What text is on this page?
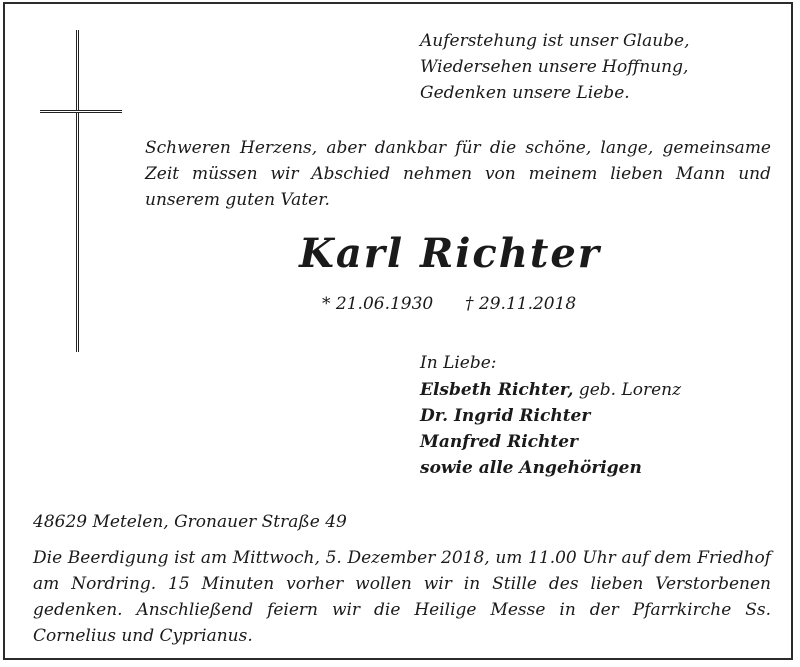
Auferstehung ist unser Glaube,
Wiedersehen unsere Hoffnung,
Gedenken unsere Liebe.
Schweren Herzens, aber dankbar für die schöne, lange, gemeinsame Zeit müssen wir Abschied nehmen von meinem lieben Mann und unserem guten Vater.
Karl Richter
* 21.06.1930 † 29.11.2018
In Liebe:
Elsbeth Richter, geb. Lorenz
Dr. Ingrid Richter
Manfred Richter
sowie alle Angehörigen
48629 Metelen, Gronauer Straße 49
Die Beerdigung ist am Mittwoch, 5. Dezember 2018, um 11.00 Uhr auf dem Friedhof am Nordring. 15 Minuten vorher wollen wir in Stille des lieben Verstorbenen gedenken. Anschließend feiern wir die Heilige Messe in der Pfarrkirche Ss. Cornelius und Cyprianus.
